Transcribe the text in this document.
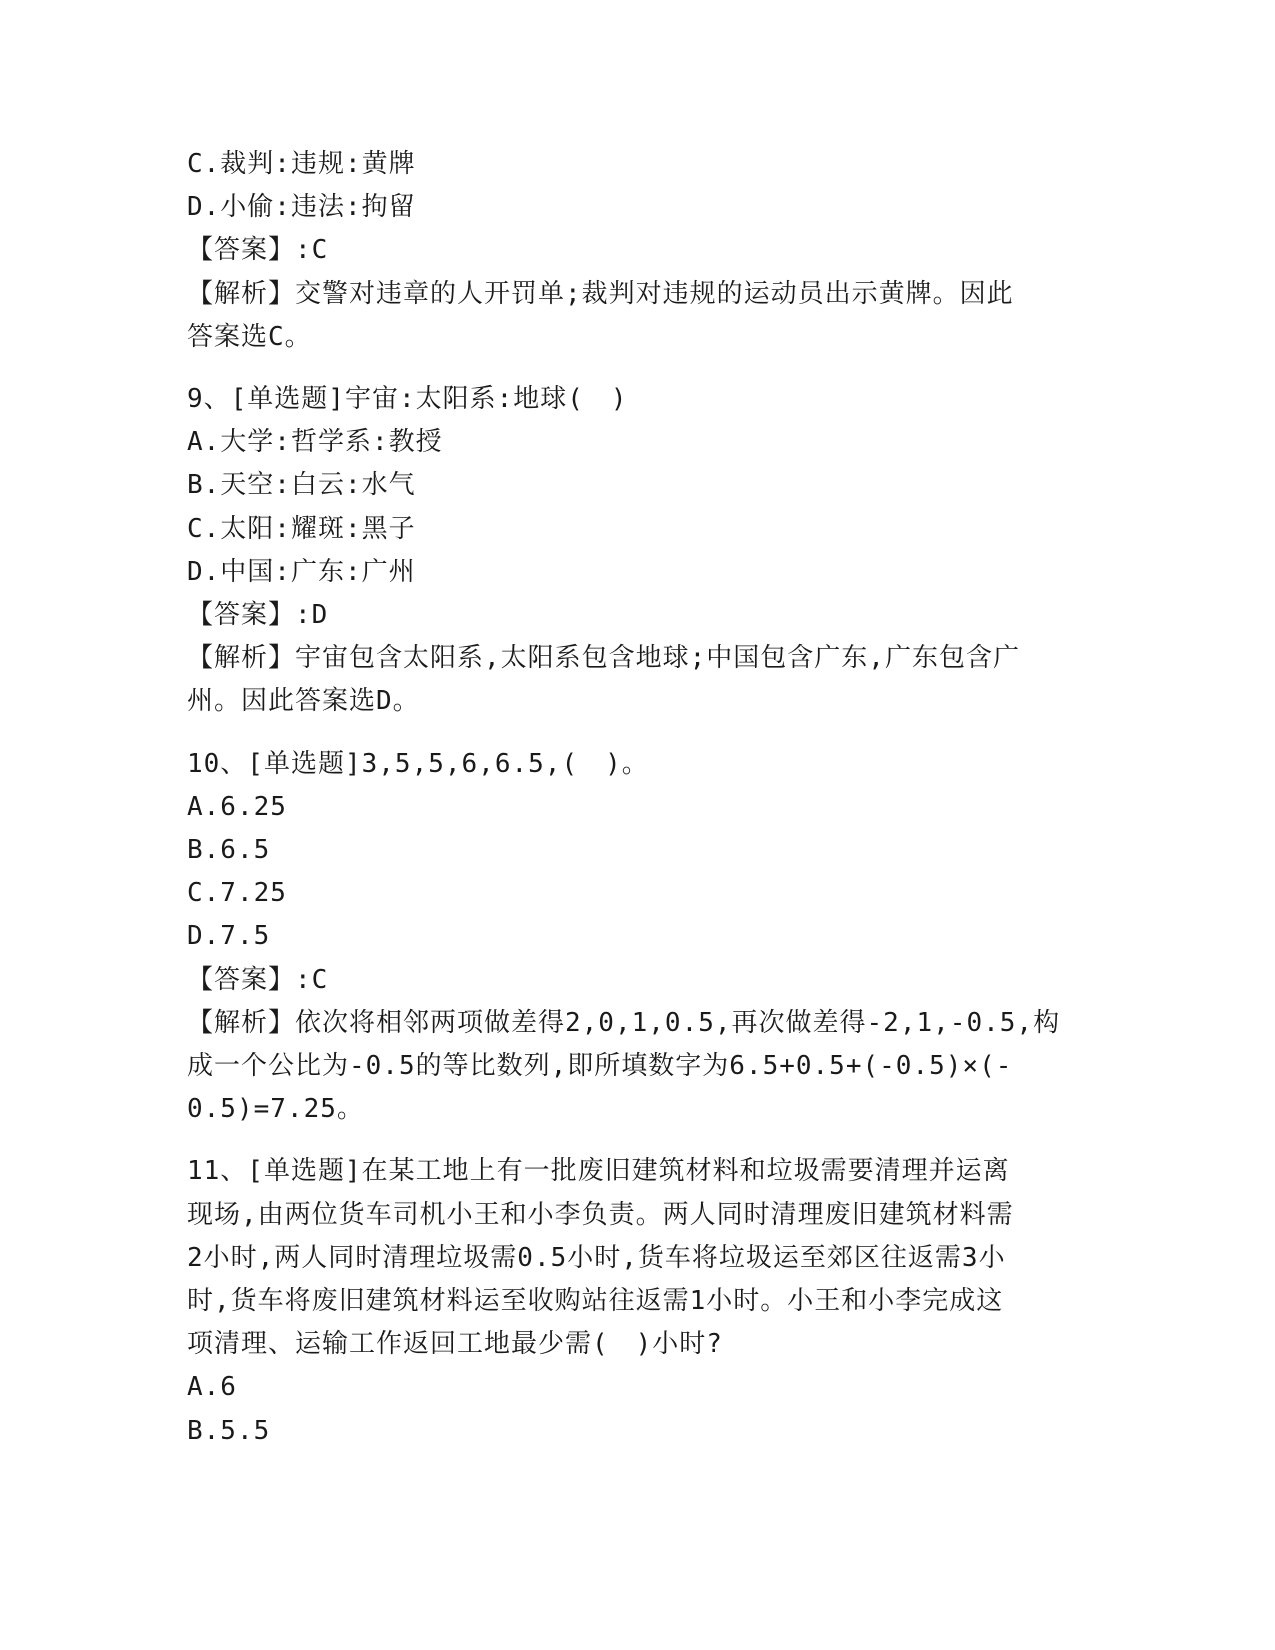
C.裁判:违规:黄牌

D.小偷:违法:拘留

【答案】:C

【解析】交警对违章的人开罚单;裁判对违规的运动员出示黄牌。因此

答案选C。

9、[单选题]宇宙:太阳系:地球(　)

A.大学:哲学系:教授

B.天空:白云:水气

C.太阳:耀斑:黑子

D.中国:广东:广州

【答案】:D

【解析】宇宙包含太阳系,太阳系包含地球;中国包含广东,广东包含广

州。因此答案选D。

10、[单选题]3,5,5,6,6.5,(　)。

A.6.25

B.6.5

C.7.25

D.7.5

【答案】:C

【解析】依次将相邻两项做差得2,0,1,0.5,再次做差得-2,1,-0.5,构

成一个公比为-0.5的等比数列,即所填数字为6.5+0.5+(-0.5)×(-

0.5)=7.25。

11、[单选题]在某工地上有一批废旧建筑材料和垃圾需要清理并运离

现场,由两位货车司机小王和小李负责。两人同时清理废旧建筑材料需

2小时,两人同时清理垃圾需0.5小时,货车将垃圾运至郊区往返需3小

时,货车将废旧建筑材料运至收购站往返需1小时。小王和小李完成这

项清理、运输工作返回工地最少需(　)小时?

A.6

B.5.5
